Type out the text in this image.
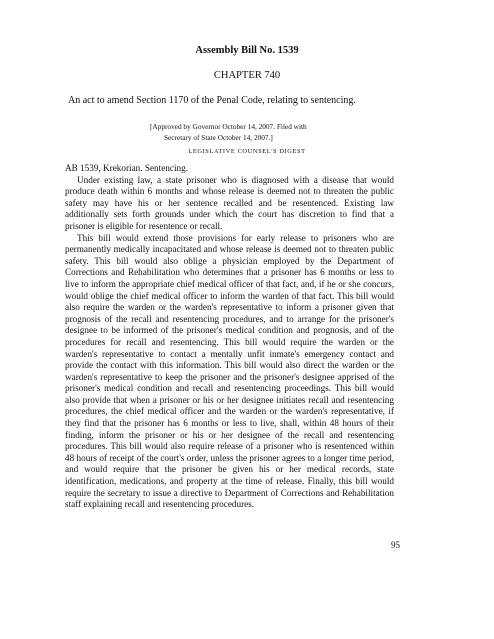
Assembly Bill No. 1539
CHAPTER 740
An act to amend Section 1170 of the Penal Code, relating to sentencing.
[Approved by Governor October 14, 2007. Filed with
Secretary of State October 14, 2007.]
LEGISLATIVE COUNSEL'S DIGEST

AB 1539, Krekorian. Sentencing.

Under existing law, a state prisoner who is diagnosed with a disease that would produce death within 6 months and whose release is deemed not to threaten the public safety may have his or her sentence recalled and be resentenced. Existing law additionally sets forth grounds under which the court has discretion to find that a prisoner is eligible for resentence or recall.

This bill would extend those provisions for early release to prisoners who are permanently medically incapacitated and whose release is deemed not to threaten public safety. This bill would also oblige a physician employed by the Department of Corrections and Rehabilitation who determines that a prisoner has 6 months or less to live to inform the appropriate chief medical officer of that fact, and, if he or she concurs, would oblige the chief medical officer to inform the warden of that fact. This bill would also require the warden or the warden's representative to inform a prisoner given that prognosis of the recall and resentencing procedures, and to arrange for the prisoner's designee to be informed of the prisoner's medical condition and prognosis, and of the procedures for recall and resentencing. This bill would require the warden or the warden's representative to contact a mentally unfit inmate's emergency contact and provide the contact with this information. This bill would also direct the warden or the warden's representative to keep the prisoner and the prisoner's designee apprised of the prisoner's medical condition and recall and resentencing proceedings. This bill would also provide that when a prisoner or his or her designee initiates recall and resentencing procedures, the chief medical officer and the warden or the warden's representative, if they find that the prisoner has 6 months or less to live, shall, within 48 hours of their finding, inform the prisoner or his or her designee of the recall and resentencing procedures. This bill would also require release of a prisoner who is resentenced within 48 hours of receipt of the court's order, unless the prisoner agrees to a longer time period, and would require that the prisoner be given his or her medical records, state identification, medications, and property at the time of release. Finally, this bill would require the secretary to issue a directive to Department of Corrections and Rehabilitation staff explaining recall and resentencing procedures.

95
